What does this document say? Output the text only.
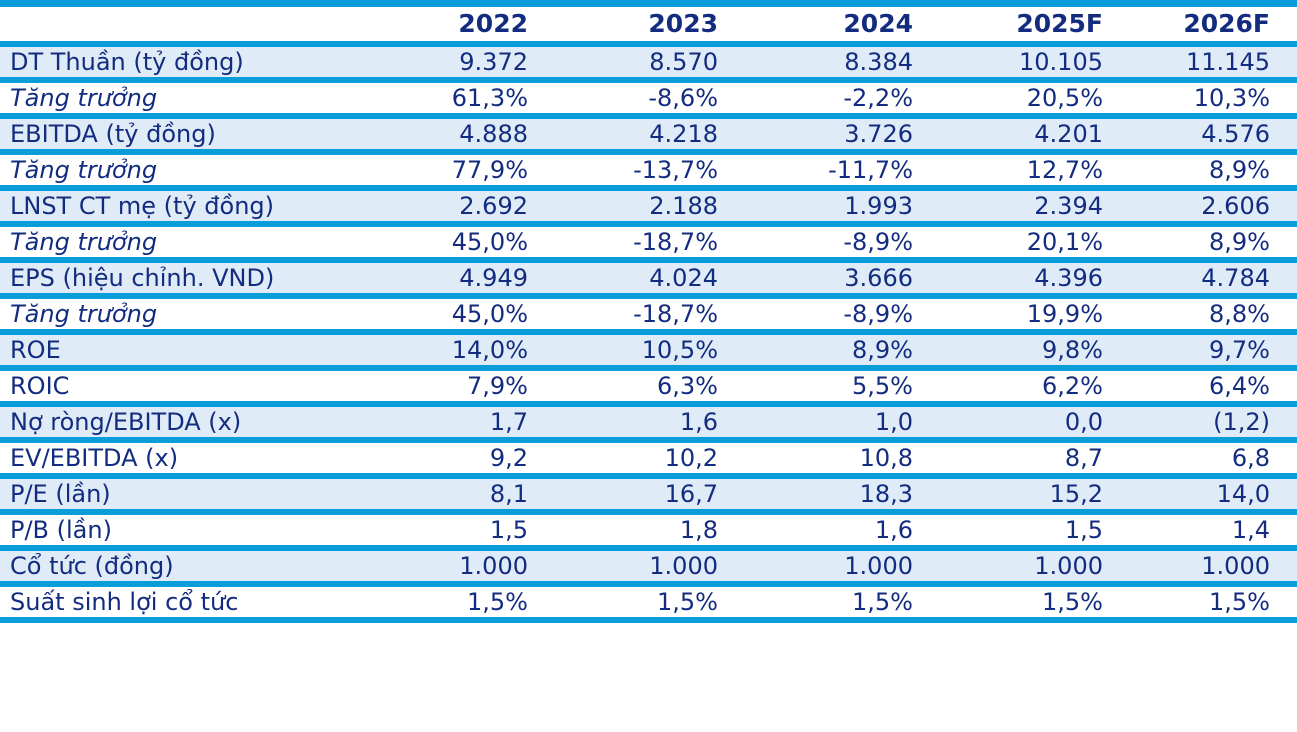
	2022	2023	2024	2025F	2026F
DT Thuần (tỷ đồng)	9.372	8.570	8.384	10.105	11.145
Tăng trưởng	61,3%	-8,6%	-2,2%	20,5%	10,3%
EBITDA (tỷ đồng)	4.888	4.218	3.726	4.201	4.576
Tăng trưởng	77,9%	-13,7%	-11,7%	12,7%	8,9%
LNST CT mẹ (tỷ đồng)	2.692	2.188	1.993	2.394	2.606
Tăng trưởng	45,0%	-18,7%	-8,9%	20,1%	8,9%
EPS (hiệu chỉnh. VND)	4.949	4.024	3.666	4.396	4.784
Tăng trưởng	45,0%	-18,7%	-8,9%	19,9%	8,8%
ROE	14,0%	10,5%	8,9%	9,8%	9,7%
ROIC	7,9%	6,3%	5,5%	6,2%	6,4%
Nợ ròng/EBITDA (x)	1,7	1,6	1,0	0,0	(1,2)
EV/EBITDA (x)	9,2	10,2	10,8	8,7	6,8
P/E (lần)	8,1	16,7	18,3	15,2	14,0
P/B (lần)	1,5	1,8	1,6	1,5	1,4
Cổ tức (đồng)	1.000	1.000	1.000	1.000	1.000
Suất sinh lợi cổ tức	1,5%	1,5%	1,5%	1,5%	1,5%
